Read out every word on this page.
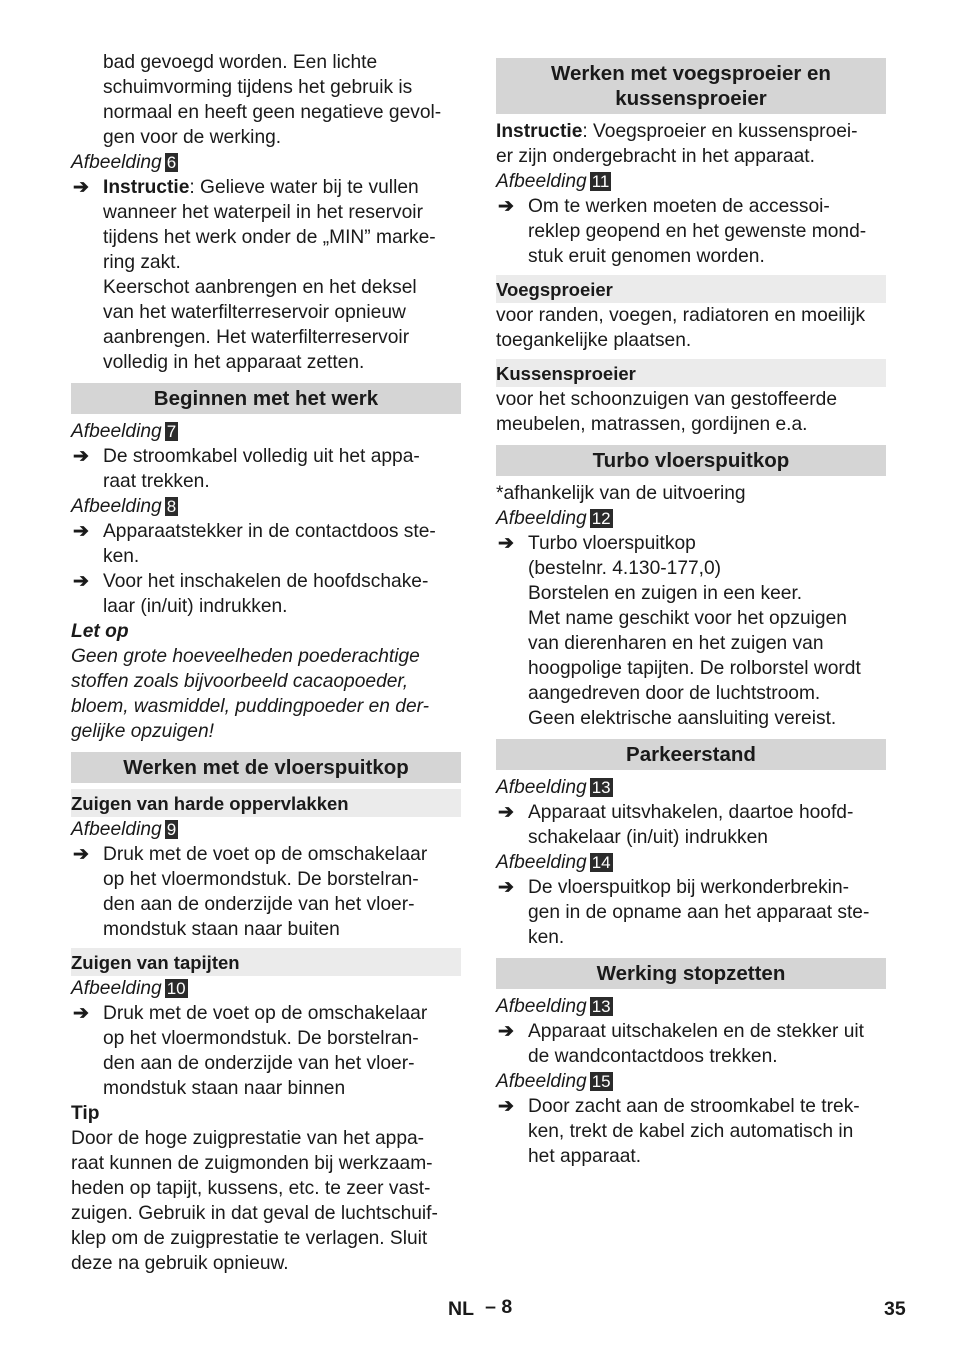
bad gevoegd worden. Een lichte

schuimvorming tijdens het gebruik is

normaal en heeft geen negatieve gevol-

gen voor de werking.

Afbeelding 6

➔ Instructie: Gelieve water bij te vullen

wanneer het waterpeil in het reservoir

tijdens het werk onder de „MIN” marke-

ring zakt.

Keerschot aanbrengen en het deksel

van het waterfilterreservoir opnieuw

aanbrengen. Het waterfilterreservoir

volledig in het apparaat zetten.

Beginnen met het werk

Afbeelding 7

➔ De stroomkabel volledig uit het appa-

raat trekken.

Afbeelding 8

➔ Apparaatstekker in de contactdoos ste-

ken.

➔ Voor het inschakelen de hoofdschake-

laar (in/uit) indrukken.

Let op

Geen grote hoeveelheden poederachtige

stoffen zoals bijvoorbeeld cacaopoeder,

bloem, wasmiddel, puddingpoeder en der-

gelijke opzuigen!

Werken met de vloerspuitkop
Zuigen van harde oppervlakken

Afbeelding 9

➔ Druk met de voet op de omschakelaar

op het vloermondstuk. De borstelran-

den aan de onderzijde van het vloer-

mondstuk staan naar buiten

Zuigen van tapijten

Afbeelding 10

➔ Druk met de voet op de omschakelaar

op het vloermondstuk. De borstelran-

den aan de onderzijde van het vloer-

mondstuk staan naar binnen

Tip

Door de hoge zuigprestatie van het appa-

raat kunnen de zuigmonden bij werkzaam-

heden op tapijt, kussens, etc. te zeer vast-

zuigen. Gebruik in dat geval de luchtschuif-

klep om de zuigprestatie te verlagen. Sluit

deze na gebruik opnieuw.

Werken met voegsproeier en
kussensproeier

Instructie: Voegsproeier en kussensproei-

er zijn ondergebracht in het apparaat.

Afbeelding 11

➔ Om te werken moeten de accessoi-

reklep geopend en het gewenste mond-

stuk eruit genomen worden.

Voegsproeier

voor randen, voegen, radiatoren en moeilijk

toegankelijke plaatsen.

Kussensproeier

voor het schoonzuigen van gestoffeerde

meubelen, matrassen, gordijnen e.a.

Turbo vloerspuitkop

*afhankelijk van de uitvoering

Afbeelding 12

➔ Turbo vloerspuitkop

(bestelnr. 4.130-177,0)

Borstelen en zuigen in een keer.

Met name geschikt voor het opzuigen

van dierenharen en het zuigen van

hoogpolige tapijten. De rolborstel wordt

aangedreven door de luchtstroom.

Geen elektrische aansluiting vereist.

Parkeerstand

Afbeelding 13

➔ Apparaat uitsvhakelen, daartoe hoofd-

schakelaar (in/uit) indrukken

Afbeelding 14

➔ De vloerspuitkop bij werkonderbrekin-

gen in de opname aan het apparaat ste-

ken.

Werking stopzetten

Afbeelding 13

➔ Apparaat uitschakelen en de stekker uit

de wandcontactdoos trekken.

Afbeelding 15

➔ Door zacht aan de stroomkabel te trek-

ken, trekt de kabel zich automatisch in

het apparaat.

NL – 8	35
